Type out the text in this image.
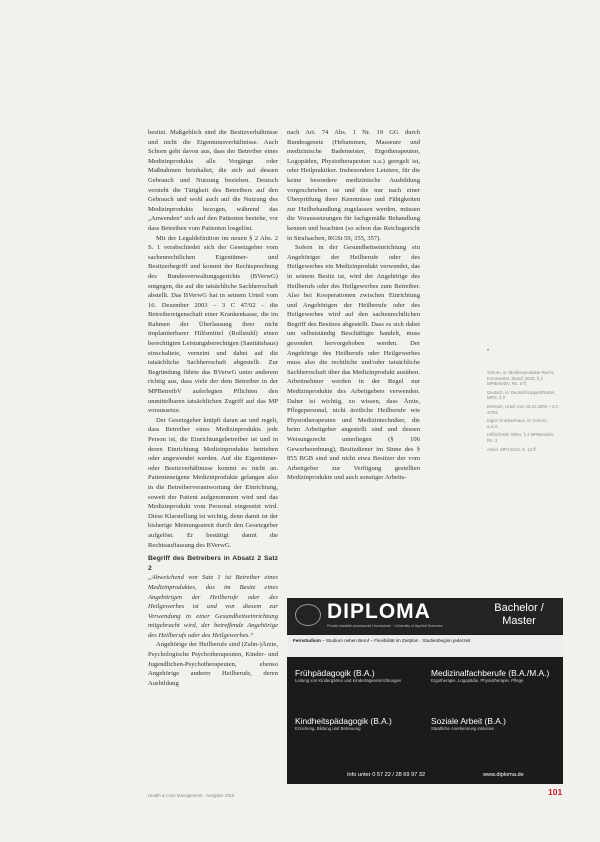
besitzt. Maßgeblich sind die Besitzverhältnisse und nicht die Eigentumsverhältnisse. Auch Schorn geht davon aus, dass der Betreiber eines Medizinprodukts alle Vorgänge oder Maßnahmen beinhaltet, die sich auf dessen Gebrauch und Nutzung beziehen. Deutsch versteht die Tätigkeit des Betreibers auf den Gebrauch und wohl auch auf die Nutzung des Medizinprodukts bezogen, während das „Anwenden“ sich auf den Patienten beziehe, vor dass Betreiben vom Patienten losgelöst.

Mit der Legaldefinition im neuen § 2 Abs. 2 S. 1 verabschiedet sich der Gesetzgeber vom sachenrechtlichen Eigentümer- und Besitzerbegriff und kommt der Rechtsprechung des Bundesverwaltungsgerichts (BVerwG) entgegen, die auf die tatsächliche Sachherrschaft abstellt. Das BVerwG hat in seinem Urteil vom 16. Dezember 2003 – 3 C 47/02 – die Betreibereigenschaft einer Krankenkasse, die im Rahmen der Überlassung ihrer nicht implantierbarer Hilfsmittel (Rollstuhl) einen berechtigten Leistungsberechtigen (Sanitätshaus) einschaltete, verneint und dabei auf die tatsächliche Sachherrschaft abgestellt. Zur Begründung führte das BVerwG unter anderem richtig aus, dass viele der dem Betreiber in der MPBetreibV auferlegten Pflichten den unmittelbaren tatsächlichen Zugriff auf das MP voraussetze.

Der Gesetzgeber knüpft daran an und regelt, dass Betreiber eines Medizinprodukts jede Person ist, die Einrichtungsbetreiber ist und in deren Einrichtung Medizinprodukte betrieben oder angewendet werden. Auf die Eigentümer- oder Besitzverhältnisse kommt es nicht an. Patienteneigene Medizinprodukte gelangen also in die Betreiberverantwortung der Einrichtung, soweit der Patient aufgenommen wird und das Medizinprodukt vom Personal eingesetzt wird. Diese Klarstellung ist wichtig, denn damit ist der bisherige Meinungsstreit durch den Gesetzgeber aufgelöst. Er bestätigt damit die Rechtsauffassung des BVerwG.

Begriff des Betreibers in Absatz 2 Satz 2

„Abweichend von Satz 1 ist Betreiber eines Medizinproduktes, das im Besitz eines Angehörigen der Heilberufe oder des Heilgewerbes ist und von diesem zur Verwendung in einer Gesundheitseinrichtung mitgebracht wird, der betreffende Angehörige des Heilberufs oder des Heilgewerbes.“

Angehörige der Heilberufe sind (Zahn-)Ärzte, Psychologische Psychotherapeuten, Kinder- und Jugendlichen-Psychotherapeuten, ebenso Angehörige anderer Heilberufe, deren Ausbildung

nach Art. 74 Abs. 1 Nr. 19 GG durch Bundesgesetz (Hebammen, Masseure und medizinische Bademeister, Ergotherapeuten, Logopäden, Physiotherapeuten u.a.) geregelt ist, oder Heilpraktiker. Insbesondere Letztere, für die keine besondere medizinische Ausbildung vorgeschrieben ist und die nur nach einer Überprüfung ihrer Kenntnisse und Fähigkeiten zur Heilbehandlung zugelassen werden, müssen die Voraussetzungen für fachgemäße Behandlung kennen und beachten (so schon das Reichsgericht in Strafsachen, RGSt 59, 355, 357).

Sofern in der Gesundheitseinrichtung ein Angehöriger der Heilberufe oder des Heilgewerbes ein Medizinprodukt verwendet, das in seinem Besitz ist, wird der Angehörige des Heilberufs oder des Heilgewerbes zum Betreiber. Also bei Kooperationen zwischen Einrichtung und Angehörigen der Heilberufe oder des Heilgewerbes wird auf den sachenrechtlichen Begriff des Besitzes abgestellt. Dass es sich dabei um selbstständig Beschäftigte handelt, muss gesondert hervorgehoben werden. Der Angehörige des Heilberufs oder Heilgewerbes muss also die rechtliche und/oder tatsächliche Sachherrschaft über das Medizinprodukt ausüben. Arbeitnehmer werden in der Regel nur Medizinprodukte des Arbeitgebers verwenden. Daher ist wichtig, zu wissen, dass Ärzte, Pflegepersonal, nicht ärztliche Heilberufe wie Physiotherapeuten und Medizintechniker, die beim Arbeitgeber angestellt sind und dessen Weisungsrecht unterliegen (§ 106 Gewerbeordnung), Besitzdiener im Sinne des § 855 BGB sind und nicht etwa Besitzer der vom Arbeitgeber zur Verfügung gestellten Medizinprodukte und auch sonstiger Arbeits-

•

Schorn, in: Medizinprodukte-Recht, Kommentar, Stand: 2015, § 2 MPBetreibV, Rn. 5 ff.

Deutsch, in: Deutsch/Lippert/Ratzel, MPG, § 2

BVerwG, Urteil vom 16.12.2003 – 3 C 47/02

Eiger: Krankenhaus, in: Schorn, a.a.O.

Hill/Schmitt: WiKo, § 2 MPBetreibV, Rn. 3

Anker, MPJ 2016, S. 13 ff.

DIPLOMA
Private staatlich anerkannte Hochschule · University of Applied Sciences
Bachelor /
Master
Fernstudium – Studium neben Beruf – Flexibilität im Zeitplan · Studienbeginn jederzeit
Frühpädagogik (B.A.)
Leitung von Kindergärten und Kindertageseinrichtungen
Medizinalfachberufe (B.A./M.A.)
Ergotherapie, Logopädie, Physiotherapie, Pflege
Kindheitspädagogik (B.A.)
Erziehung, Bildung und Betreuung
Soziale Arbeit (B.A.)
Staatliche Anerkennung inklusive
Info unter 0 57 22 / 28 69 97 32	www.diploma.de
Health & Care Management · Ausgabe 2016	101
